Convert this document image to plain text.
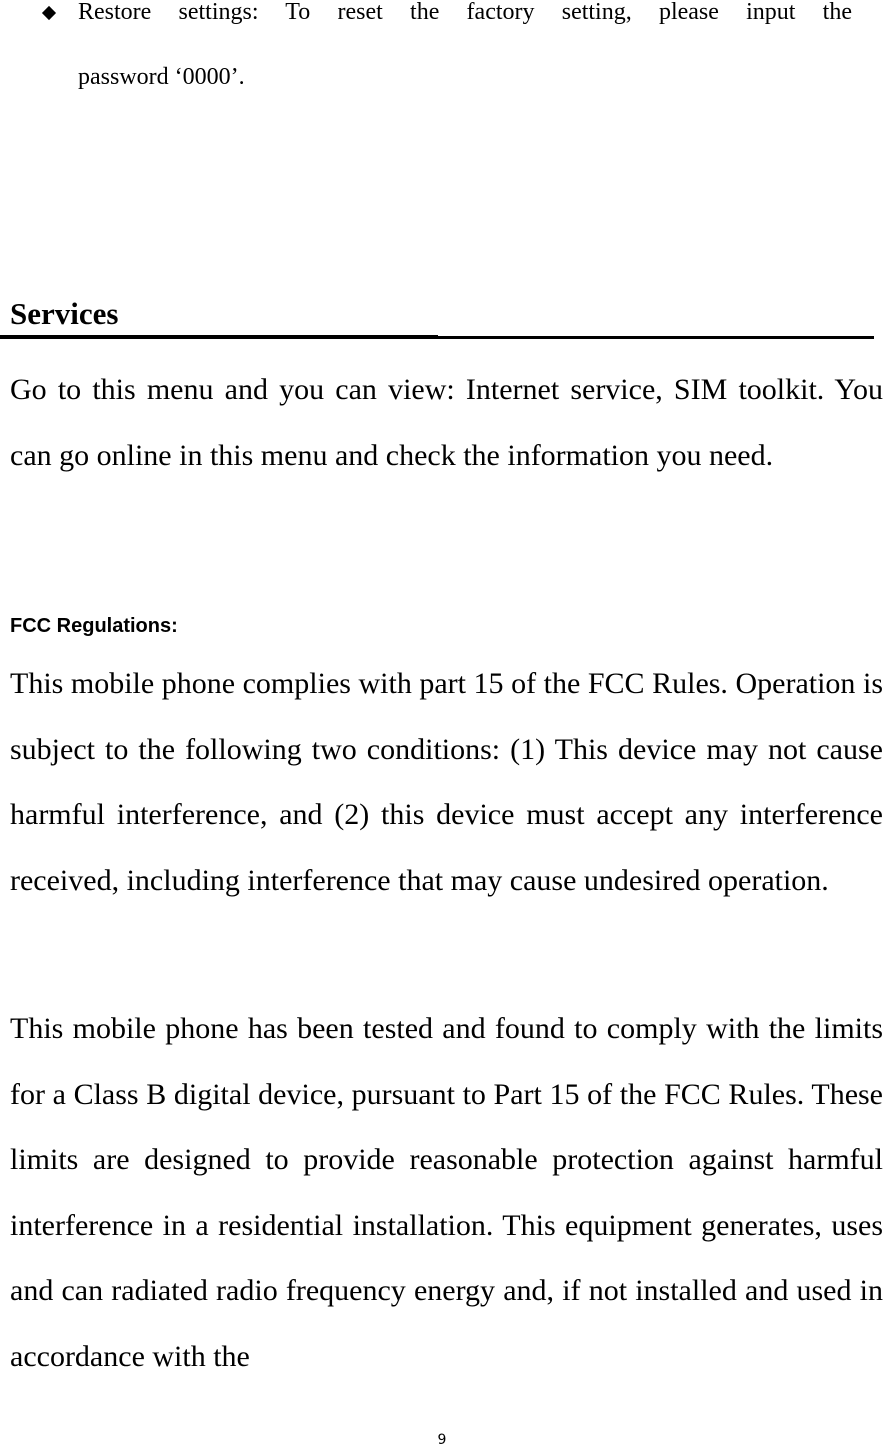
Restore settings: To reset the factory setting, please input the
password ‘0000’.
Services
Go to this menu and you can view: Internet service, SIM toolkit. You can go online in this menu and check the information you need.
FCC Regulations:
This mobile phone complies with part 15 of the FCC Rules. Operation is subject to the following two conditions: (1) This device may not cause harmful interference, and (2) this device must accept any interference received, including interference that may cause undesired operation.
This mobile phone has been tested and found to comply with the limits for a Class B digital device, pursuant to Part 15 of the FCC Rules. These limits are designed to provide reasonable protection against harmful interference in a residential installation. This equipment generates, uses and can radiated radio frequency energy and, if not installed and used in accordance with the
9
